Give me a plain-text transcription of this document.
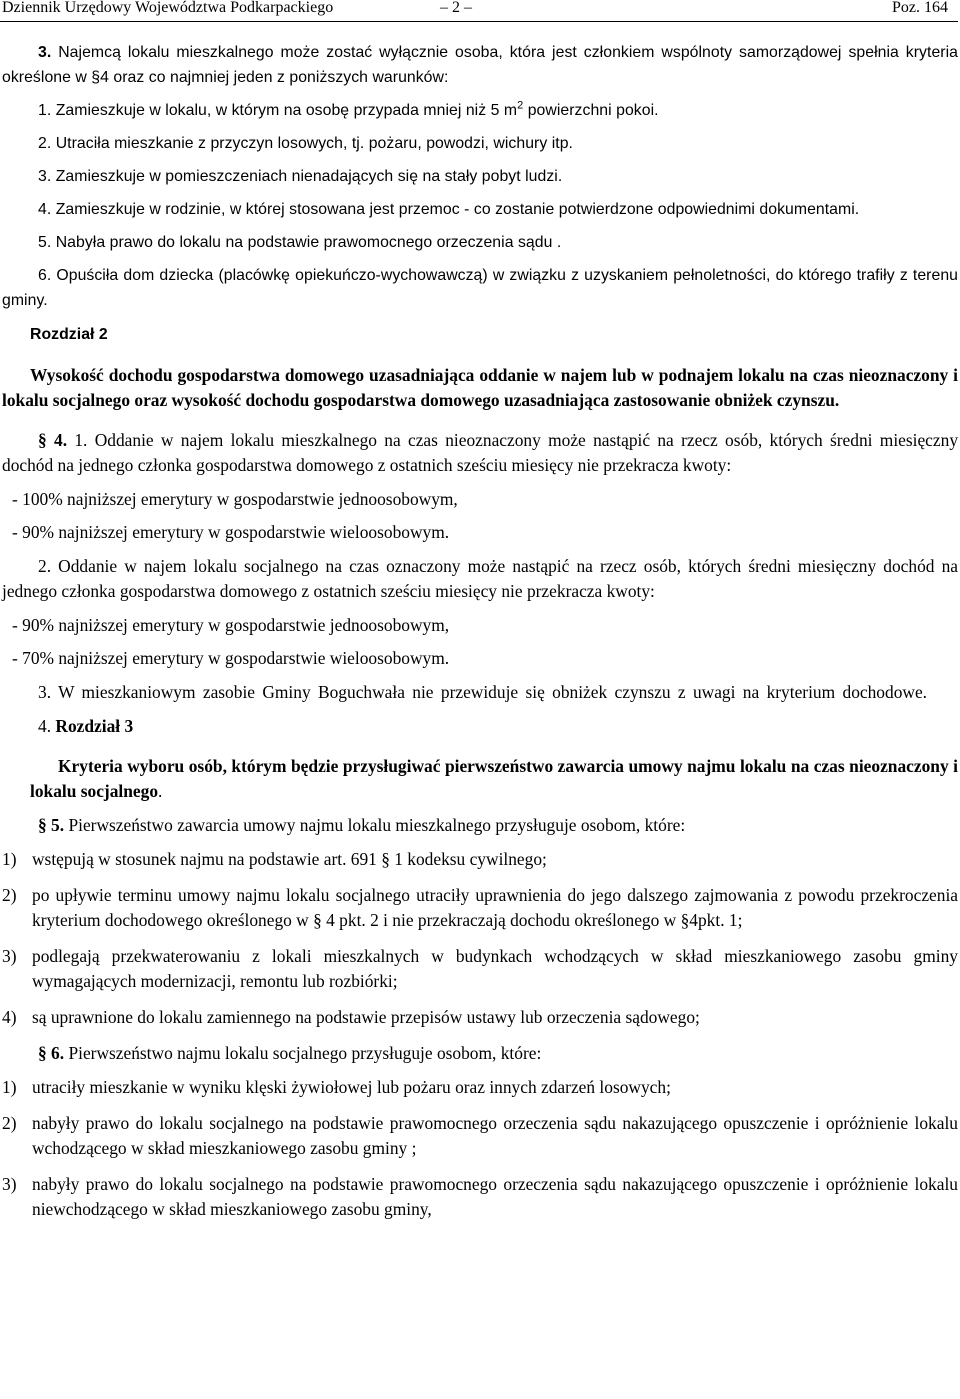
Dziennik Urzędowy Województwa Podkarpackiego	– 2 –	Poz. 164

3. Najemcą lokalu mieszkalnego może zostać wyłącznie osoba, która jest członkiem wspólnoty samorządowej spełnia kryteria określone w §4 oraz co najmniej jeden z poniższych warunków:

1. Zamieszkuje w lokalu, w którym na osobę przypada mniej niż 5 $m^2$ powierzchni pokoi.

2. Utraciła mieszkanie z przyczyn losowych, tj. pożaru, powodzi, wichury itp.

3. Zamieszkuje w pomieszczeniach nienadających się na stały pobyt ludzi.

4. Zamieszkuje w rodzinie, w której stosowana jest przemoc - co zostanie potwierdzone odpowiednimi dokumentami.

5. Nabyła prawo do lokalu na podstawie prawomocnego orzeczenia sądu .

6. Opuściła dom dziecka (placówkę opiekuńczo-wychowawczą) w związku z uzyskaniem pełnoletności, do którego trafiły z terenu gminy.

Rozdział 2

Wysokość dochodu gospodarstwa domowego uzasadniająca oddanie w najem lub w podnajem lokalu na czas nieoznaczony i lokalu socjalnego oraz wysokość dochodu gospodarstwa domowego uzasadniająca zastosowanie obniżek czynszu.

§ 4. 1. Oddanie w najem lokalu mieszkalnego na czas nieoznaczony może nastąpić na rzecz osób, których średni miesięczny dochód na jednego członka gospodarstwa domowego z ostatnich sześciu miesięcy nie przekracza kwoty:

- 100% najniższej emerytury w gospodarstwie jednoosobowym,

- 90% najniższej emerytury w gospodarstwie wieloosobowym.

2. Oddanie w najem lokalu socjalnego na czas oznaczony może nastąpić na rzecz osób, których średni miesięczny dochód na jednego członka gospodarstwa domowego z ostatnich sześciu miesięcy nie przekracza kwoty:

- 90% najniższej emerytury w gospodarstwie jednoosobowym,

- 70% najniższej emerytury w gospodarstwie wieloosobowym.

3. W mieszkaniowym zasobie Gminy Boguchwała nie przewiduje się obniżek czynszu z uwagi na kryterium dochodowe.

4. Rozdział 3

Kryteria wyboru osób, którym będzie przysługiwać pierwszeństwo zawarcia umowy najmu lokalu na czas nieoznaczony i lokalu socjalnego.

§ 5. Pierwszeństwo zawarcia umowy najmu lokalu mieszkalnego przysługuje osobom, które:

1) wstępują w stosunek najmu na podstawie art. 691 § 1 kodeksu cywilnego;

2) po upływie terminu umowy najmu lokalu socjalnego utraciły uprawnienia do jego dalszego zajmowania z powodu przekroczenia kryterium dochodowego określonego w § 4 pkt. 2 i nie przekraczają dochodu określonego w §4pkt. 1;

3) podlegają przekwaterowaniu z lokali mieszkalnych w budynkach wchodzących w skład mieszkaniowego zasobu gminy wymagających modernizacji, remontu lub rozbiórki;

4) są uprawnione do lokalu zamiennego na podstawie przepisów ustawy lub orzeczenia sądowego;

§ 6. Pierwszeństwo najmu lokalu socjalnego przysługuje osobom, które:

1) utraciły mieszkanie w wyniku klęski żywiołowej lub pożaru oraz innych zdarzeń losowych;

2) nabyły prawo do lokalu socjalnego na podstawie prawomocnego orzeczenia sądu nakazującego opuszczenie i opróżnienie lokalu wchodzącego w skład mieszkaniowego zasobu gminy ;

3) nabyły prawo do lokalu socjalnego na podstawie prawomocnego orzeczenia sądu nakazującego opuszczenie i opróżnienie lokalu niewchodzącego w skład mieszkaniowego zasobu gminy,
